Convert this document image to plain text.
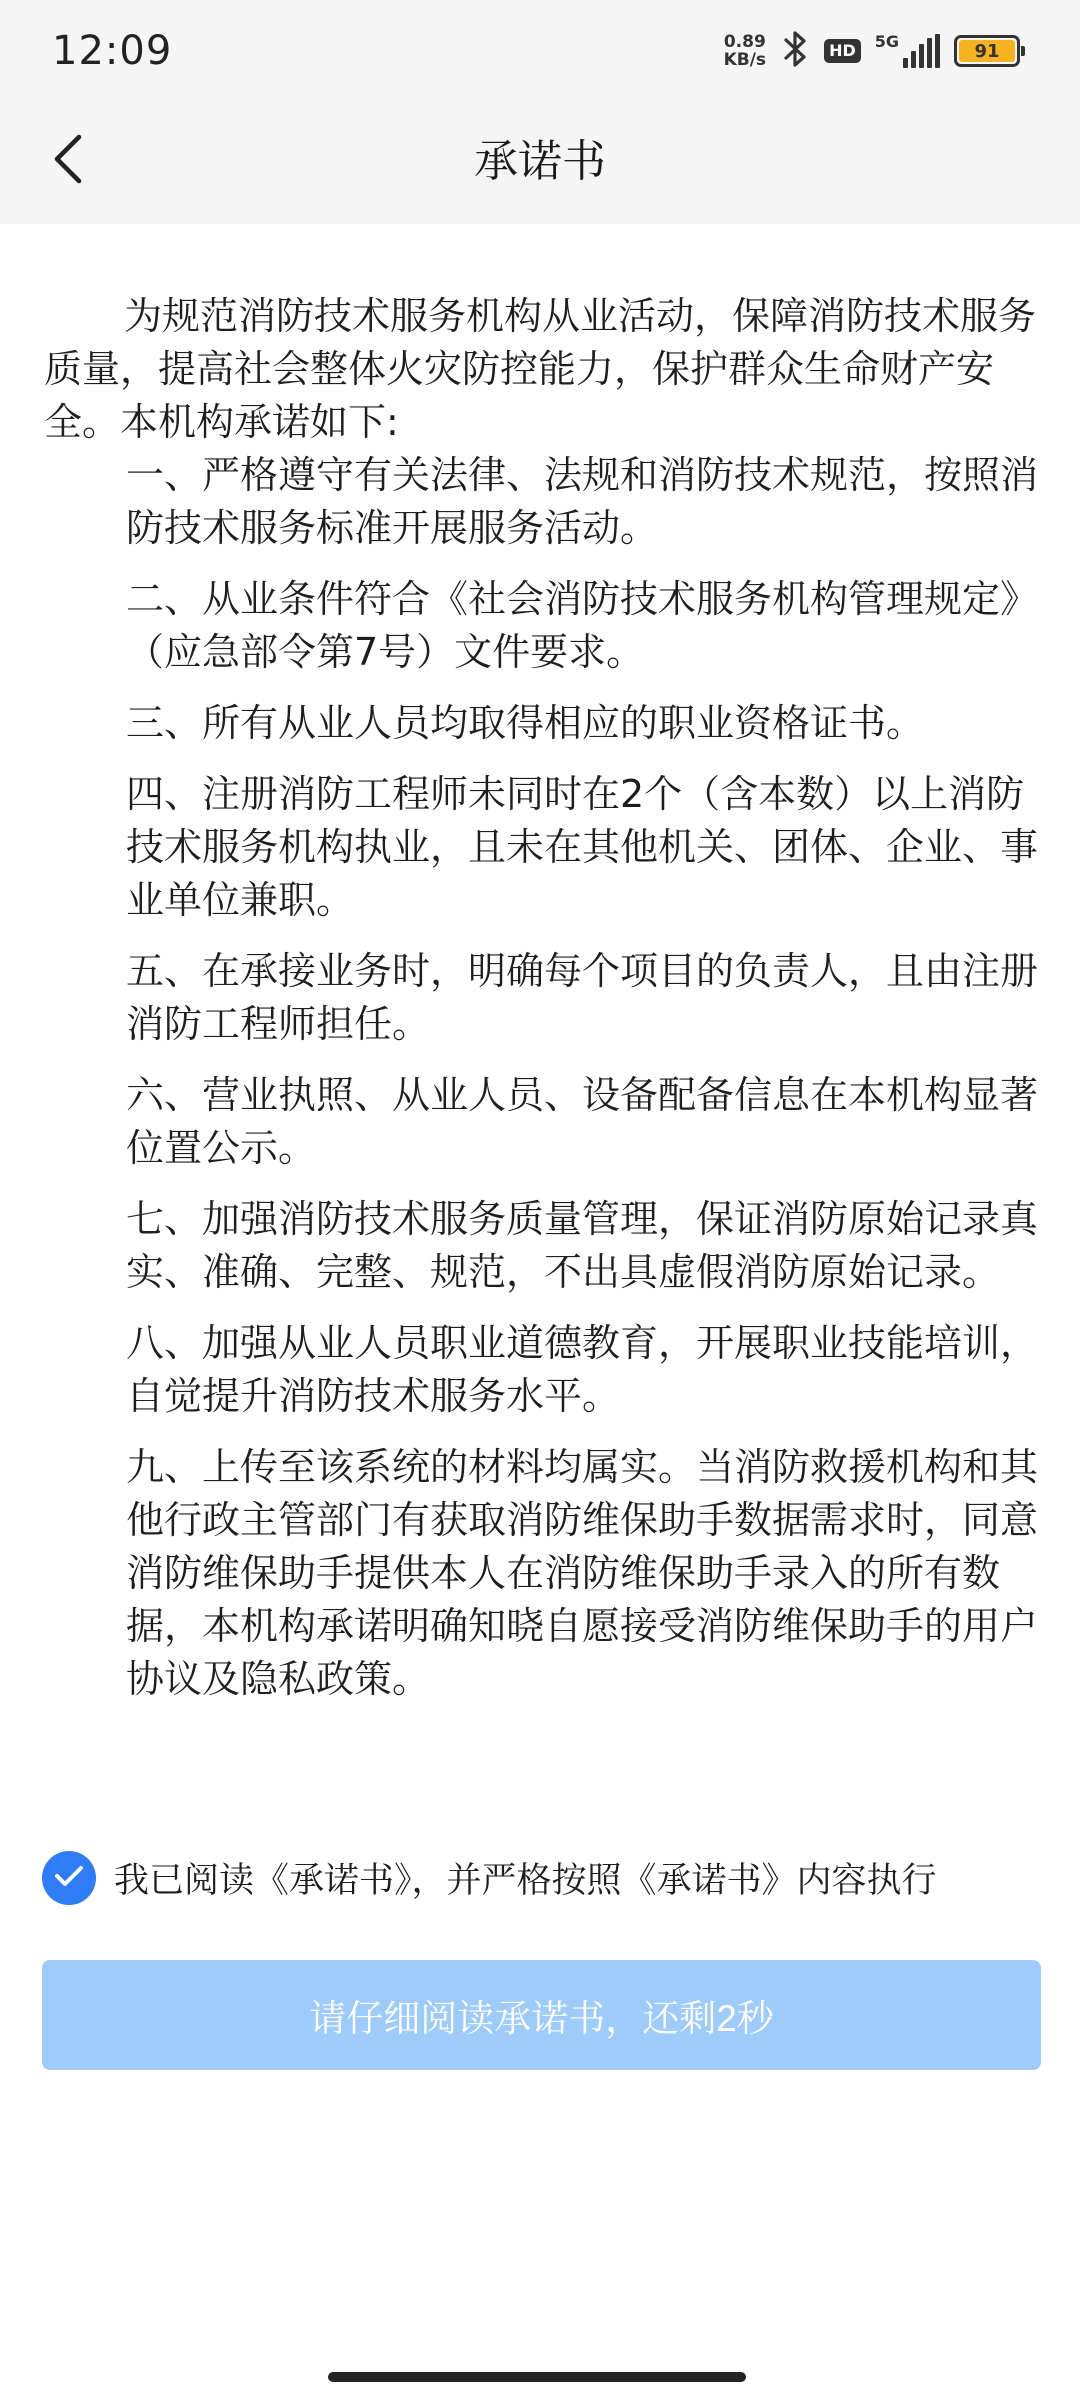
12:09	0.89
KB/s	HD	5G	91
承诺书

为规范消防技术服务机构从业活动，保障消防技术服务质量，提高社会整体火灾防控能力，保护群众生命财产安全。本机构承诺如下:

一、严格遵守有关法律、法规和消防技术规范，按照消防技术服务标准开展服务活动。

二、从业条件符合《社会消防技术服务机构管理规定》（应急部令第7号）文件要求。

三、所有从业人员均取得相应的职业资格证书。

四、注册消防工程师未同时在2个（含本数）以上消防技术服务机构执业，且未在其他机关、团体、企业、事业单位兼职。

五、在承接业务时，明确每个项目的负责人，且由注册消防工程师担任。

六、营业执照、从业人员、设备配备信息在本机构显著位置公示。

七、加强消防技术服务质量管理，保证消防原始记录真实、准确、完整、规范，不出具虚假消防原始记录。

八、加强从业人员职业道德教育，开展职业技能培训，自觉提升消防技术服务水平。

九、上传至该系统的材料均属实。当消防救援机构和其他行政主管部门有获取消防维保助手数据需求时，同意消防维保助手提供本人在消防维保助手录入的所有数据，本机构承诺明确知晓自愿接受消防维保助手的用户协议及隐私政策。

我已阅读《承诺书》，并严格按照《承诺书》内容执行
请仔细阅读承诺书，还剩2秒
